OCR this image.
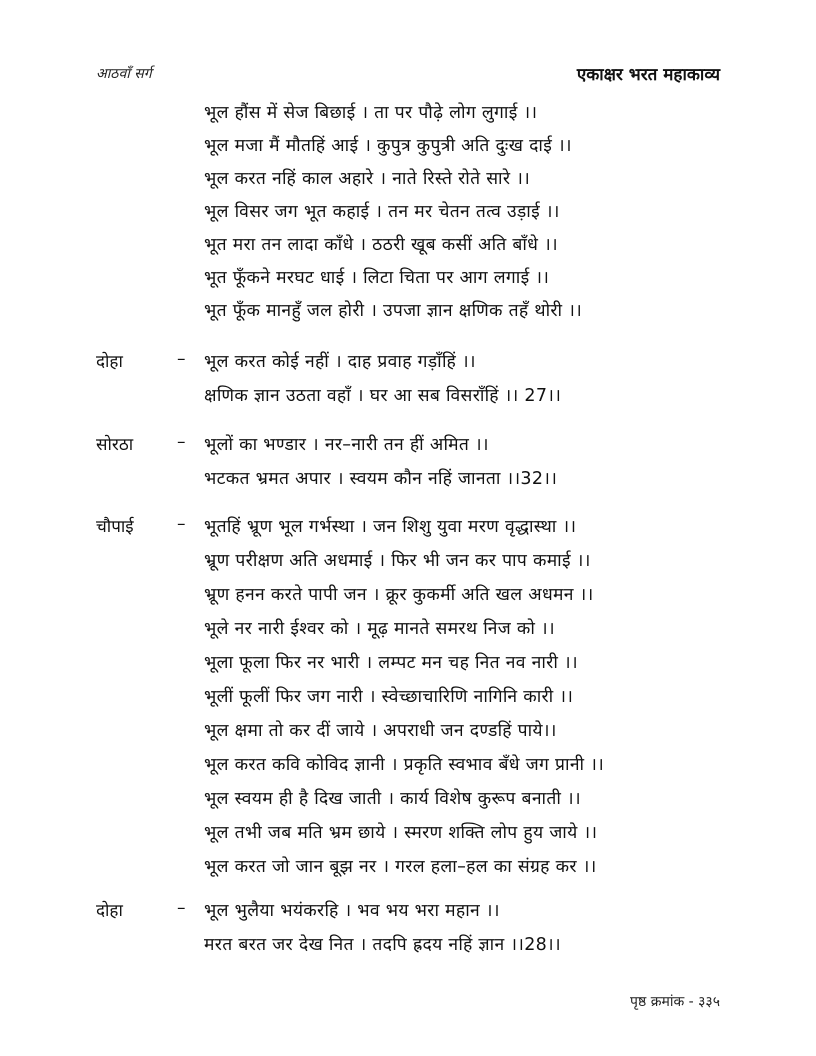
आठवाँ सर्ग	एकाक्षर भरत महाकाव्य
भूल हौंस में सेज बिछाई । ता पर पौढ़े लोग लुगाई ।।
भूल मजा मैं मौतहिं आई । कुपुत्र कुपुत्री अति दुःख दाई ।।
भूल करत नहिं काल अहारे । नाते रिस्ते रोते सारे ।।
भूल विसर जग भूत कहाई । तन मर चेतन तत्व उड़ाई ।।
भूत मरा तन लादा काँधे । ठठरी खूब कसीं अति बाँधे ।।
भूत फूँकने मरघट धाई । लिटा चिता पर आग लगाई ।।
भूत फूँक मानहुँ जल होरी । उपजा ज्ञान क्षणिक तहँ थोरी ।।
दोहा	– भूल करत कोई नहीं । दाह प्रवाह गड़ाँहिं ।।
क्षणिक ज्ञान उठता वहाँ । घर आ सब विसराँहिं ।। 27।।
सोरठा	– भूलों का भण्डार । नर–नारी तन हीं अमित ।।
भटकत भ्रमत अपार । स्वयम कौन नहिं जानता ।।32।।
चौपाई	– भूतहिं भ्रूण भूल गर्भस्था । जन शिशु युवा मरण वृद्धास्था ।।
भ्रूण परीक्षण अति अधमाई । फिर भी जन कर पाप कमाई ।।
भ्रूण हनन करते पापी जन । क्रूर कुकर्मी अति खल अधमन ।।
भूले नर नारी ईश्वर को । मूढ़ मानते समरथ निज को ।।
भूला फूला फिर नर भारी । लम्पट मन चह नित नव नारी ।।
भूलीं फूलीं फिर जग नारी । स्वेच्छाचारिणि नागिनि कारी ।।
भूल क्षमा तो कर दीं जाये । अपराधी जन दण्डहिं पाये।।
भूल करत कवि कोविद ज्ञानी । प्रकृति स्वभाव बँधे जग प्रानी ।।
भूल स्वयम ही है दिख जाती । कार्य विशेष कुरूप बनाती ।।
भूल तभी जब मति भ्रम छाये । स्मरण शक्ति लोप हुय जाये ।।
भूल करत जो जान बूझ नर । गरल हला–हल का संग्रह कर ।।
दोहा	– भूल भुलैया भयंकरहि । भव भय भरा महान ।।
मरत बरत जर देख नित । तदपि ह्रदय नहिं ज्ञान ।।28।।
पृष्ठ क्रमांक - ३३५
